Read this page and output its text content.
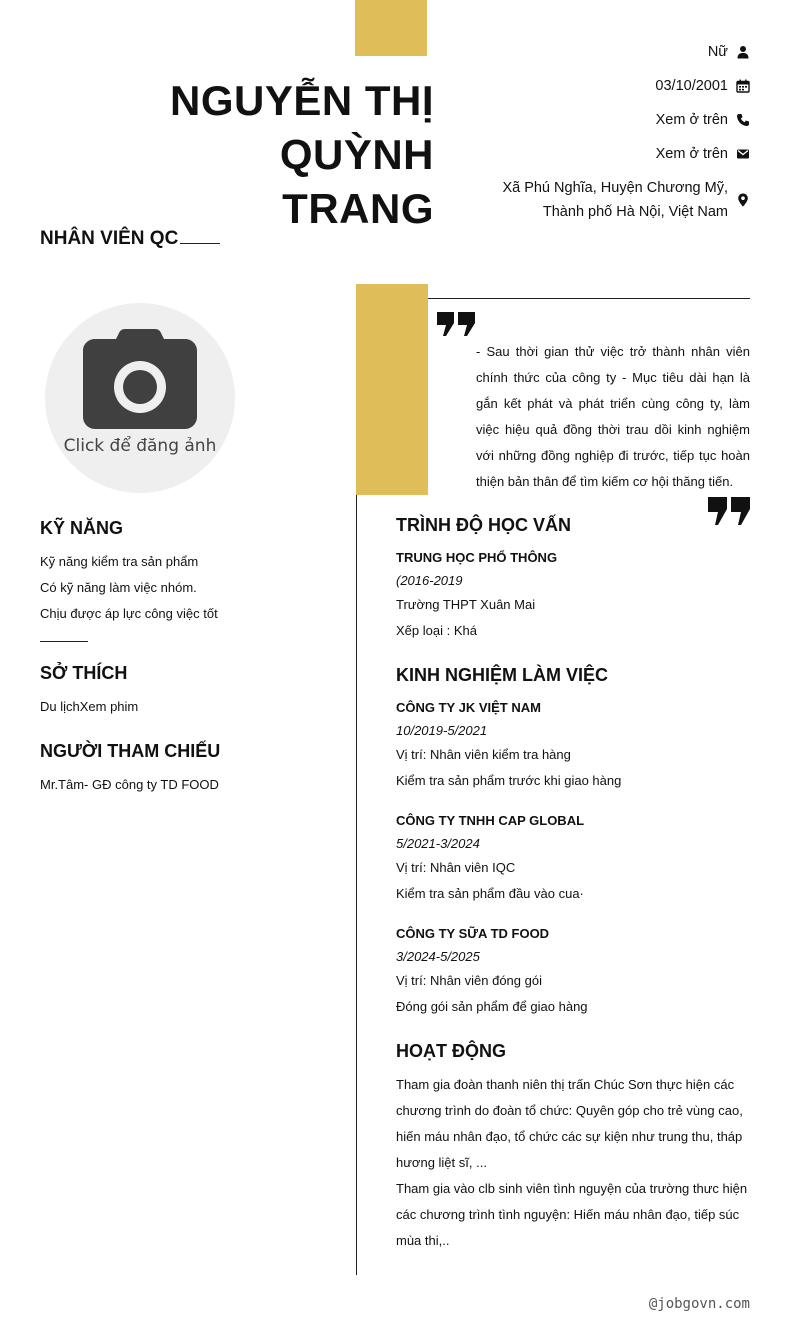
NGUYỄN THỊ QUỲNH
TRANG
NHÂN VIÊN QC
Nữ
03/10/2001
Xem ở trên
Xem ở trên
Xã Phú Nghĩa, Huyện Chương Mỹ,
Thành phố Hà Nội, Việt Nam
Click để đăng ảnh
- Sau thời gian thử việc trở thành nhân viên chính thức của công ty - Mục tiêu dài hạn là gắn kết phát và phát triển cùng công ty, làm việc hiệu quả đồng thời trau dồi kinh nghiệm với những đồng nghiệp đi trước, tiếp tục hoàn thiện bản thân để tìm kiếm cơ hội thăng tiến.
KỸ NĂNG
Kỹ năng kiểm tra sản phẩm
Có kỹ năng làm việc nhóm.
Chịu được áp lực công việc tốt
SỞ THÍCH
Du lịchXem phim
NGƯỜI THAM CHIẾU
Mr.Tâm- GĐ công ty TD FOOD
TRÌNH ĐỘ HỌC VẤN
TRUNG HỌC PHỔ THÔNG
(2016-2019
Trường THPT Xuân Mai
Xếp loại : Khá
KINH NGHIỆM LÀM VIỆC
CÔNG TY JK VIỆT NAM
10/2019-5/2021
Vị trí: Nhân viên kiểm tra hàng
Kiểm tra sản phẩm trước khi giao hàng
CÔNG TY TNHH CAP GLOBAL
5/2021-3/2024
Vị trí: Nhân viên IQC
Kiểm tra sản phẩm đầu vào cua·
CÔNG TY SỮA TD FOOD
3/2024-5/2025
Vị trí: Nhân viên đóng gói
Đóng gói sản phẩm để giao hàng
HOẠT ĐỘNG
Tham gia đoàn thanh niên thị trấn Chúc Sơn thực hiện các chương trình do đoàn tổ chức: Quyên góp cho trẻ vùng cao, hiến máu nhân đạo, tổ chức các sự kiện như trung thu, tháp hương liệt sĩ, ...
Tham gia vào clb sinh viên tình nguyện của trường thưc hiện các chương trình tình nguyện: Hiến máu nhân đạo, tiếp súc mùa thi,..
@jobgovn.com
